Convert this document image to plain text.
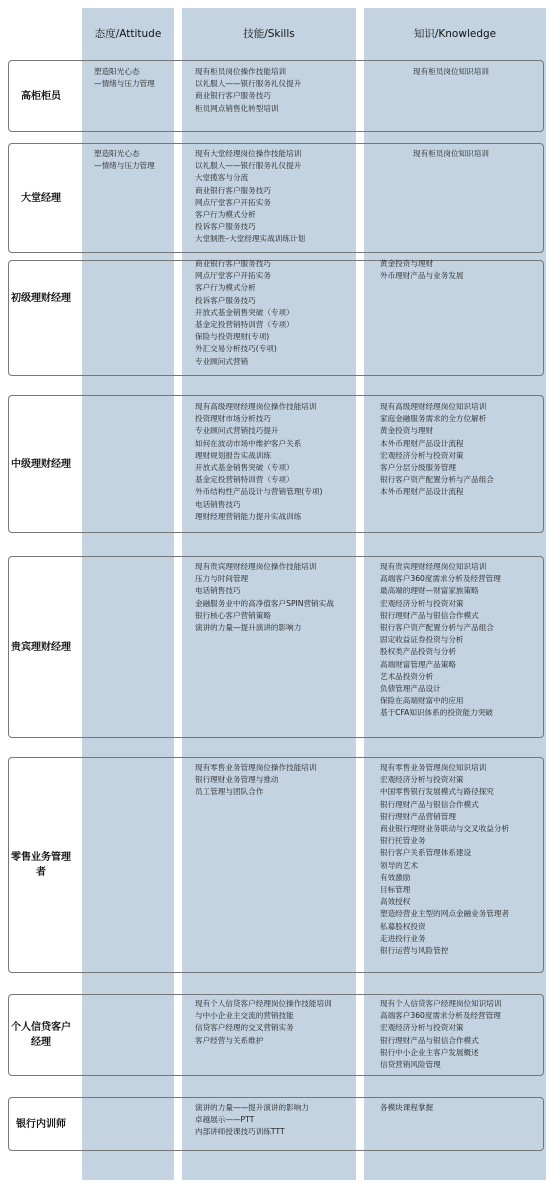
态度/Attitude	技能/Skills	知识/Knowledge
高柜柜员
塑造阳光心态
—情绪与压力管理
现有柜员岗位操作技能培训
以礼服人——银行服务礼仪提升
商业银行客户服务技巧
柜员网点销售化转型培训
现有柜员岗位知识培训
大堂经理
塑造阳光心态
—情绪与压力管理
现有大堂经理岗位操作技能培训
以礼服人——银行服务礼仪提升
大堂揽客与分流
商业银行客户服务技巧
网点厅堂客户开拓实务
客户行为模式分析
投诉客户服务技巧
大堂制胜–大堂经理实战训练计划
现有柜员岗位知识培训
初级理财经理
商业银行客户服务技巧
网点厅堂客户开拓实务
客户行为模式分析
投诉客户服务技巧
开放式基金销售突破（专项）
基金定投营销特训营（专项）
保险与投资理财(专项)
外汇交易分析技巧(专项)
专业顾问式营销
黄金投资与理财
外币理财产品与业务发展
中级理财经理
现有高级理财经理岗位操作技能培训
投资理财市场分析技巧
专业顾问式营销技巧提升
如何在波动市场中维护客户关系
理财规划报告实战训练
开放式基金销售突破（专项）
基金定投营销特训营（专项）
外币结构性产品设计与营销管理(专项)
电话销售技巧
理财经理营销能力提升实战训练
现有高级理财经理岗位知识培训
家庭金融服务需求的全方位解析
黄金投资与理财
本外币理财产品设计流程
宏观经济分析与投资对策
客户分层分级服务管理
银行客户资产配置分析与产品组合
本外币理财产品设计流程
贵宾理财经理
现有贵宾理财经理岗位操作技能培训
压力与时间管理
电话销售技巧
金融服务业中的高净值客户SPIN营销实战
银行核心客户营销策略
演讲的力量—提升演讲的影响力
现有贵宾理财经理岗位知识培训
高端客户360度需求分析及经营管理
最高端的理财—财富家族策略
宏观经济分析与投资对策
银行理财产品与银信合作模式
银行客户资产配置分析与产品组合
固定收益证券投资与分析
股权类产品投资与分析
高端财富管理产品策略
艺术品投资分析
负债管理产品设计
保险在高端财富中的应用
基于CFA知识体系的投资能力突破
零售业务管理者
现有零售业务管理岗位操作技能培训
银行理财业务管理与推动
员工管理与团队合作
现有零售业务管理岗位知识培训
宏观经济分析与投资对策
中国零售银行发展模式与路径探究
银行理财产品与银信合作模式
银行理财产品营销管理
商业银行理财业务联动与交叉收益分析
银行托管业务
银行客户关系管理体系建设
领导的艺术
有效激励
目标管理
高效授权
塑造经营业主型的网点金融业务管理者
私募股权投资
走进投行业务
银行运营与风险管控
个人信贷客户经理
现有个人信贷客户经理岗位操作技能培训
与中小企业主交流的营销技能
信贷客户经理的交叉营销实务
客户经营与关系维护
现有个人信贷客户经理岗位知识培训
高端客户360度需求分析及经营管理
宏观经济分析与投资对策
银行理财产品与银信合作模式
银行中小企业主客户发展概述
信贷营销风险管理
银行内训师
演讲的力量——提升演讲的影响力
卓越展示——PTT
内部讲师授课技巧训练TTT
各模块课程掌握
